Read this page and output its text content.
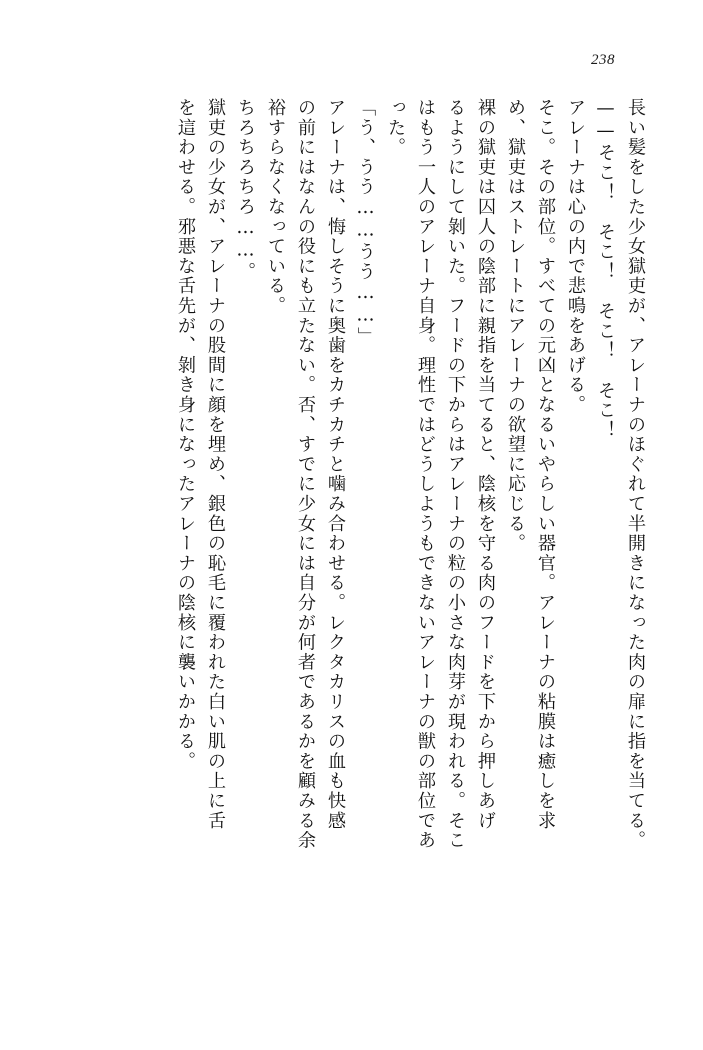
238
長い髪をした少女獄吏が、アレーナのほぐれて半開きになった肉の扉に指を当てる。
——そこ！　そこ！　そこ！　そこ！
アレーナは心の内で悲鳴をあげる。
そこ。その部位。すべての元凶となるいやらしい器官。アレーナの粘膜は癒しを求
め、獄吏はストレートにアレーナの欲望に応じる。
裸の獄吏は囚人の陰部に親指を当てると、陰核を守る肉のフードを下から押しあげ
るようにして剝いた。フードの下からはアレーナの粒の小さな肉芽が現われる。そこ
はもう一人のアレーナ自身。理性ではどうしようもできないアレーナの獣の部位であ
った。
「う、うう……うう……」
アレーナは、悔しそうに奥歯をカチカチと噛み合わせる。レクタカリスの血も快感
の前にはなんの役にも立たない。否、すでに少女には自分が何者であるかを顧みる余
裕すらなくなっている。
ちろちろちろ……。
獄吏の少女が、アレーナの股間に顔を埋め、銀色の恥毛に覆われた白い肌の上に舌
を這わせる。邪悪な舌先が、剝き身になったアレーナの陰核に襲いかかる。
